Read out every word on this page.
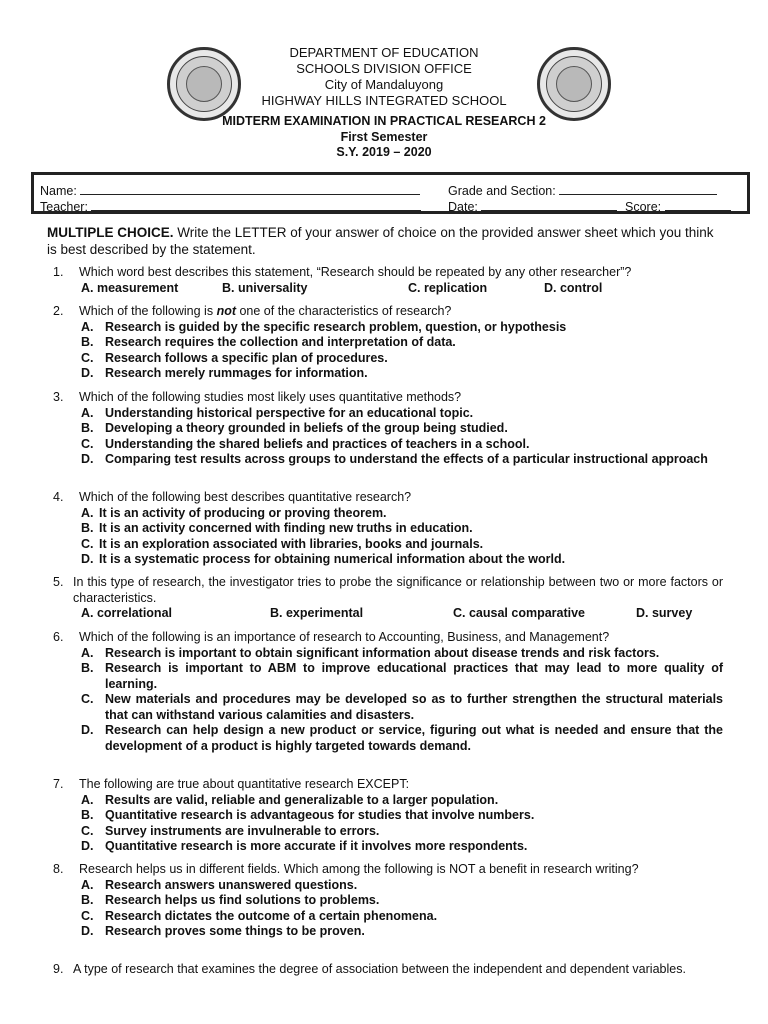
DEPARTMENT OF EDUCATION
SCHOOLS DIVISION OFFICE
City of Mandaluyong
HIGHWAY HILLS INTEGRATED SCHOOL
MIDTERM EXAMINATION IN PRACTICAL RESEARCH 2
First Semester
S.Y. 2019 – 2020
Name:	Grade and Section:
Teacher:	Date:	Score:
MULTIPLE CHOICE. Write the LETTER of your answer of choice on the provided answer sheet which you think is best described by the statement.
1. Which word best describes this statement, “Research should be repeated by any other researcher”?
A. measurement	B. universality	C. replication	D. control
2. Which of the following is not one of the characteristics of research?
A. Research is guided by the specific research problem, question, or hypothesis
B. Research requires the collection and interpretation of data.
C. Research follows a specific plan of procedures.
D. Research merely rummages for information.
3. Which of the following studies most likely uses quantitative methods?
A. Understanding historical perspective for an educational topic.
B. Developing a theory grounded in beliefs of the group being studied.
C. Understanding the shared beliefs and practices of teachers in a school.
D. Comparing test results across groups to understand the effects of a particular instructional approach
4. Which of the following best describes quantitative research?
A. It is an activity of producing or proving theorem.
B. It is an activity concerned with finding new truths in education.
C. It is an exploration associated with libraries, books and journals.
D. It is a systematic process for obtaining numerical information about the world.
5. In this type of research, the investigator tries to probe the significance or relationship between two or more factors or characteristics.
A. correlational	B. experimental	C. causal comparative	D. survey
6. Which of the following is an importance of research to Accounting, Business, and Management?
A. Research is important to obtain significant information about disease trends and risk factors.
B. Research is important to ABM to improve educational practices that may lead to more quality of learning.
C. New materials and procedures may be developed so as to further strengthen the structural materials that can withstand various calamities and disasters.
D. Research can help design a new product or service, figuring out what is needed and ensure that the development of a product is highly targeted towards demand.
7. The following are true about quantitative research EXCEPT:
A. Results are valid, reliable and generalizable to a larger population.
B. Quantitative research is advantageous for studies that involve numbers.
C. Survey instruments are invulnerable to errors.
D. Quantitative research is more accurate if it involves more respondents.
8. Research helps us in different fields. Which among the following is NOT a benefit in research writing?
A. Research answers unanswered questions.
B. Research helps us find solutions to problems.
C. Research dictates the outcome of a certain phenomena.
D. Research proves some things to be proven.
9. A type of research that examines the degree of association between the independent and dependent variables.
